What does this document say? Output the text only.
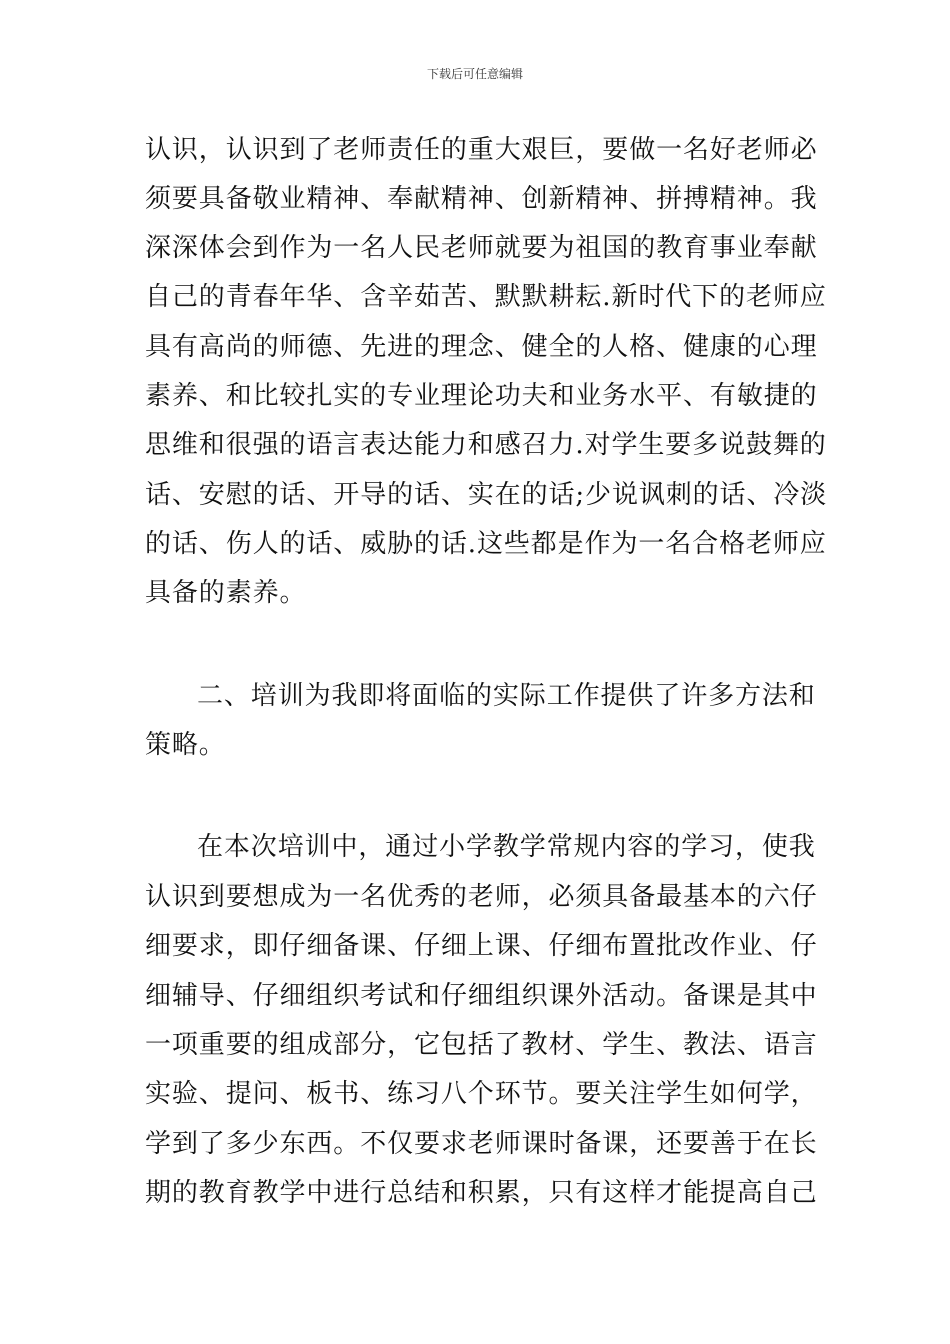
下载后可任意编辑
认识，认识到了老师责任的重大艰巨，要做一名好老师必
须要具备敬业精神、奉献精神、创新精神、拼搏精神。我
深深体会到作为一名人民老师就要为祖国的教育事业奉献
自己的青春年华、含辛茹苦、默默耕耘.新时代下的老师应
具有高尚的师德、先进的理念、健全的人格、健康的心理
素养、和比较扎实的专业理论功夫和业务水平、有敏捷的
思维和很强的语言表达能力和感召力.对学生要多说鼓舞的
话、安慰的话、开导的话、实在的话;少说讽刺的话、冷淡
的话、伤人的话、威胁的话.这些都是作为一名合格老师应
具备的素养。
二、培训为我即将面临的实际工作提供了许多方法和
策略。
在本次培训中，通过小学教学常规内容的学习，使我
认识到要想成为一名优秀的老师，必须具备最基本的六仔
细要求，即仔细备课、仔细上课、仔细布置批改作业、仔
细辅导、仔细组织考试和仔细组织课外活动。备课是其中
一项重要的组成部分，它包括了教材、学生、教法、语言
实验、提问、板书、练习八个环节。要关注学生如何学，
学到了多少东西。不仅要求老师课时备课，还要善于在长
期的教育教学中进行总结和积累，只有这样才能提高自己
